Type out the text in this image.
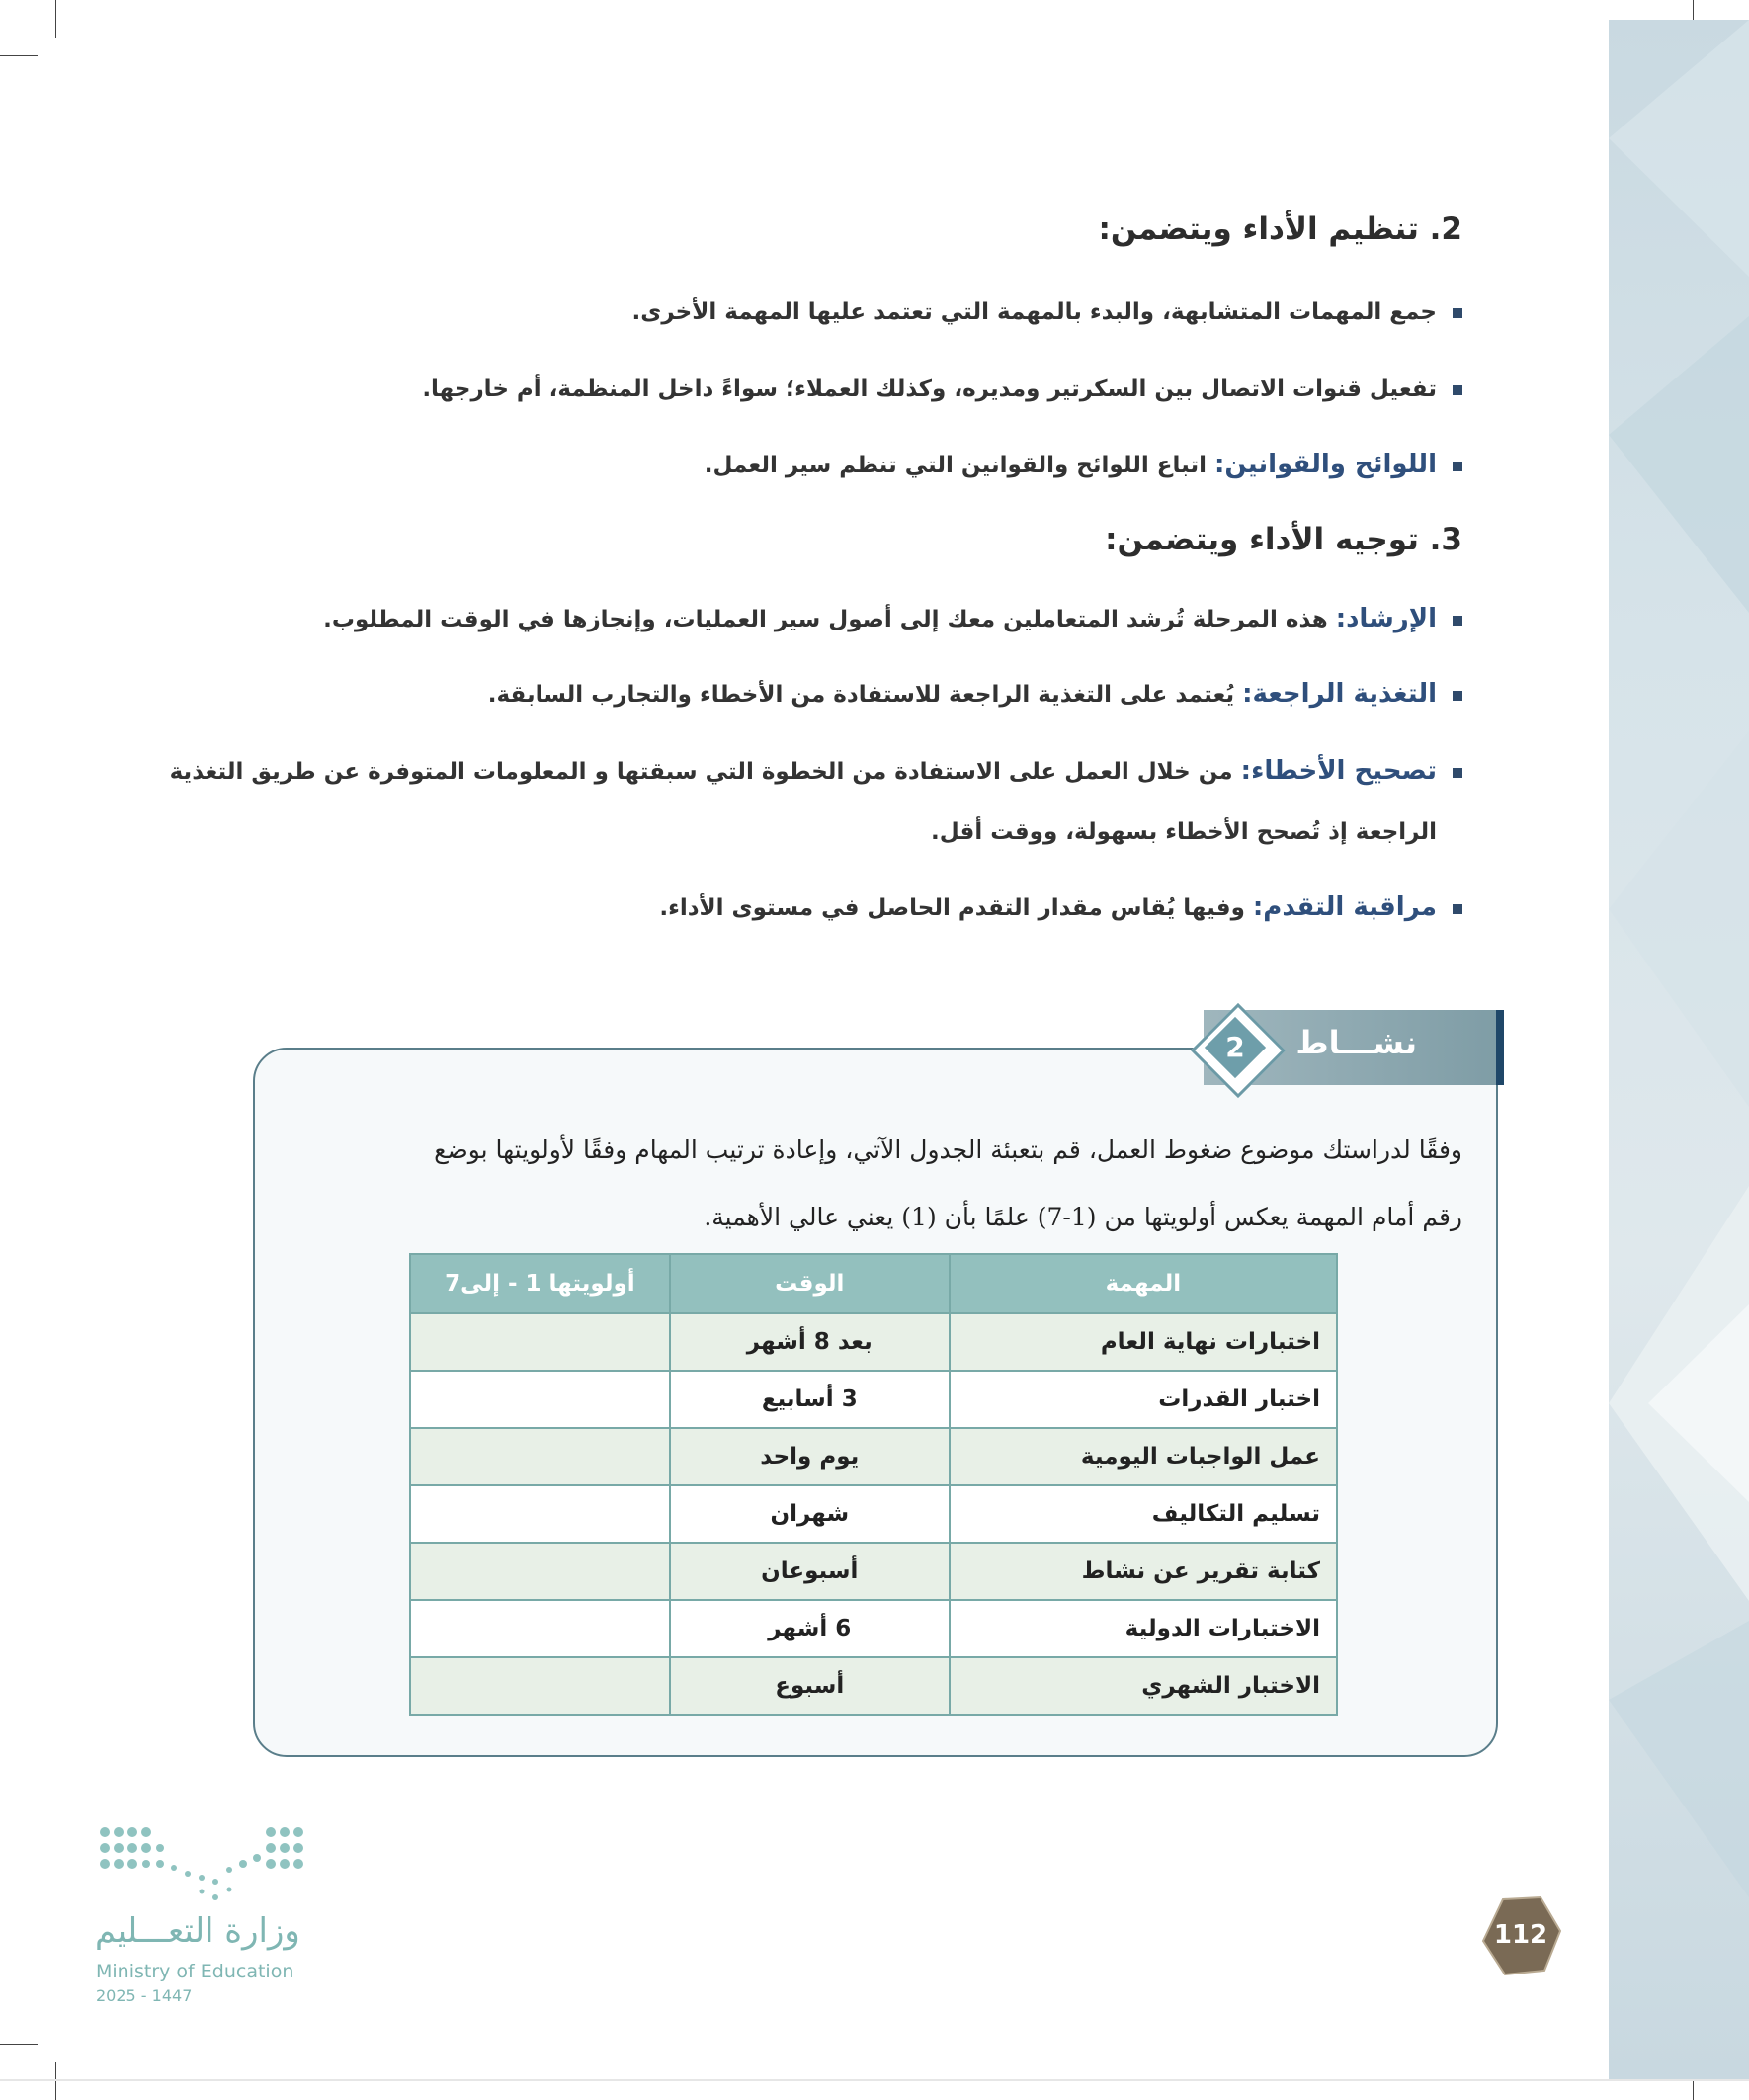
2. تنظيم الأداء ويتضمن:
جمع المهمات المتشابهة، والبدء بالمهمة التي تعتمد عليها المهمة الأخرى.
تفعيل قنوات الاتصال بين السكرتير ومديره، وكذلك العملاء؛ سواءً داخل المنظمة، أم خارجها.
اللوائح والقوانين: اتباع اللوائح والقوانين التي تنظم سير العمل.
3. توجيه الأداء ويتضمن:
الإرشاد: هذه المرحلة تُرشد المتعاملين معك إلى أصول سير العمليات، وإنجازها في الوقت المطلوب.
التغذية الراجعة: يُعتمد على التغذية الراجعة للاستفادة من الأخطاء والتجارب السابقة.
تصحيح الأخطاء: من خلال العمل على الاستفادة من الخطوة التي سبقتها و المعلومات المتوفرة عن طريق التغذية
الراجعة إذ تُصحح الأخطاء بسهولة، ووقت أقل.
مراقبة التقدم: وفيها يُقاس مقدار التقدم الحاصل في مستوى الأداء.
نشـــاط
2
وفقًا لدراستك موضوع ضغوط العمل، قم بتعبئة الجدول الآتي، وإعادة ترتيب المهام وفقًا لأولويتها بوضع
رقم أمام المهمة يعكس أولويتها من (1-7) علمًا بأن (1) يعني عالي الأهمية.
المهمة	الوقت	أولويتها 1 - إلى7
اختبارات نهاية العام	بعد 8 أشهر	
اختبار القدرات	3 أسابيع	
عمل الواجبات اليومية	يوم واحد	
تسليم التكاليف	شهران	
كتابة تقرير عن نشاط	أسبوعان	
الاختبارات الدولية	6 أشهر	
الاختبار الشهري	أسبوع	
وزارة التعـــليم
Ministry of Education
2025 - 1447
112
